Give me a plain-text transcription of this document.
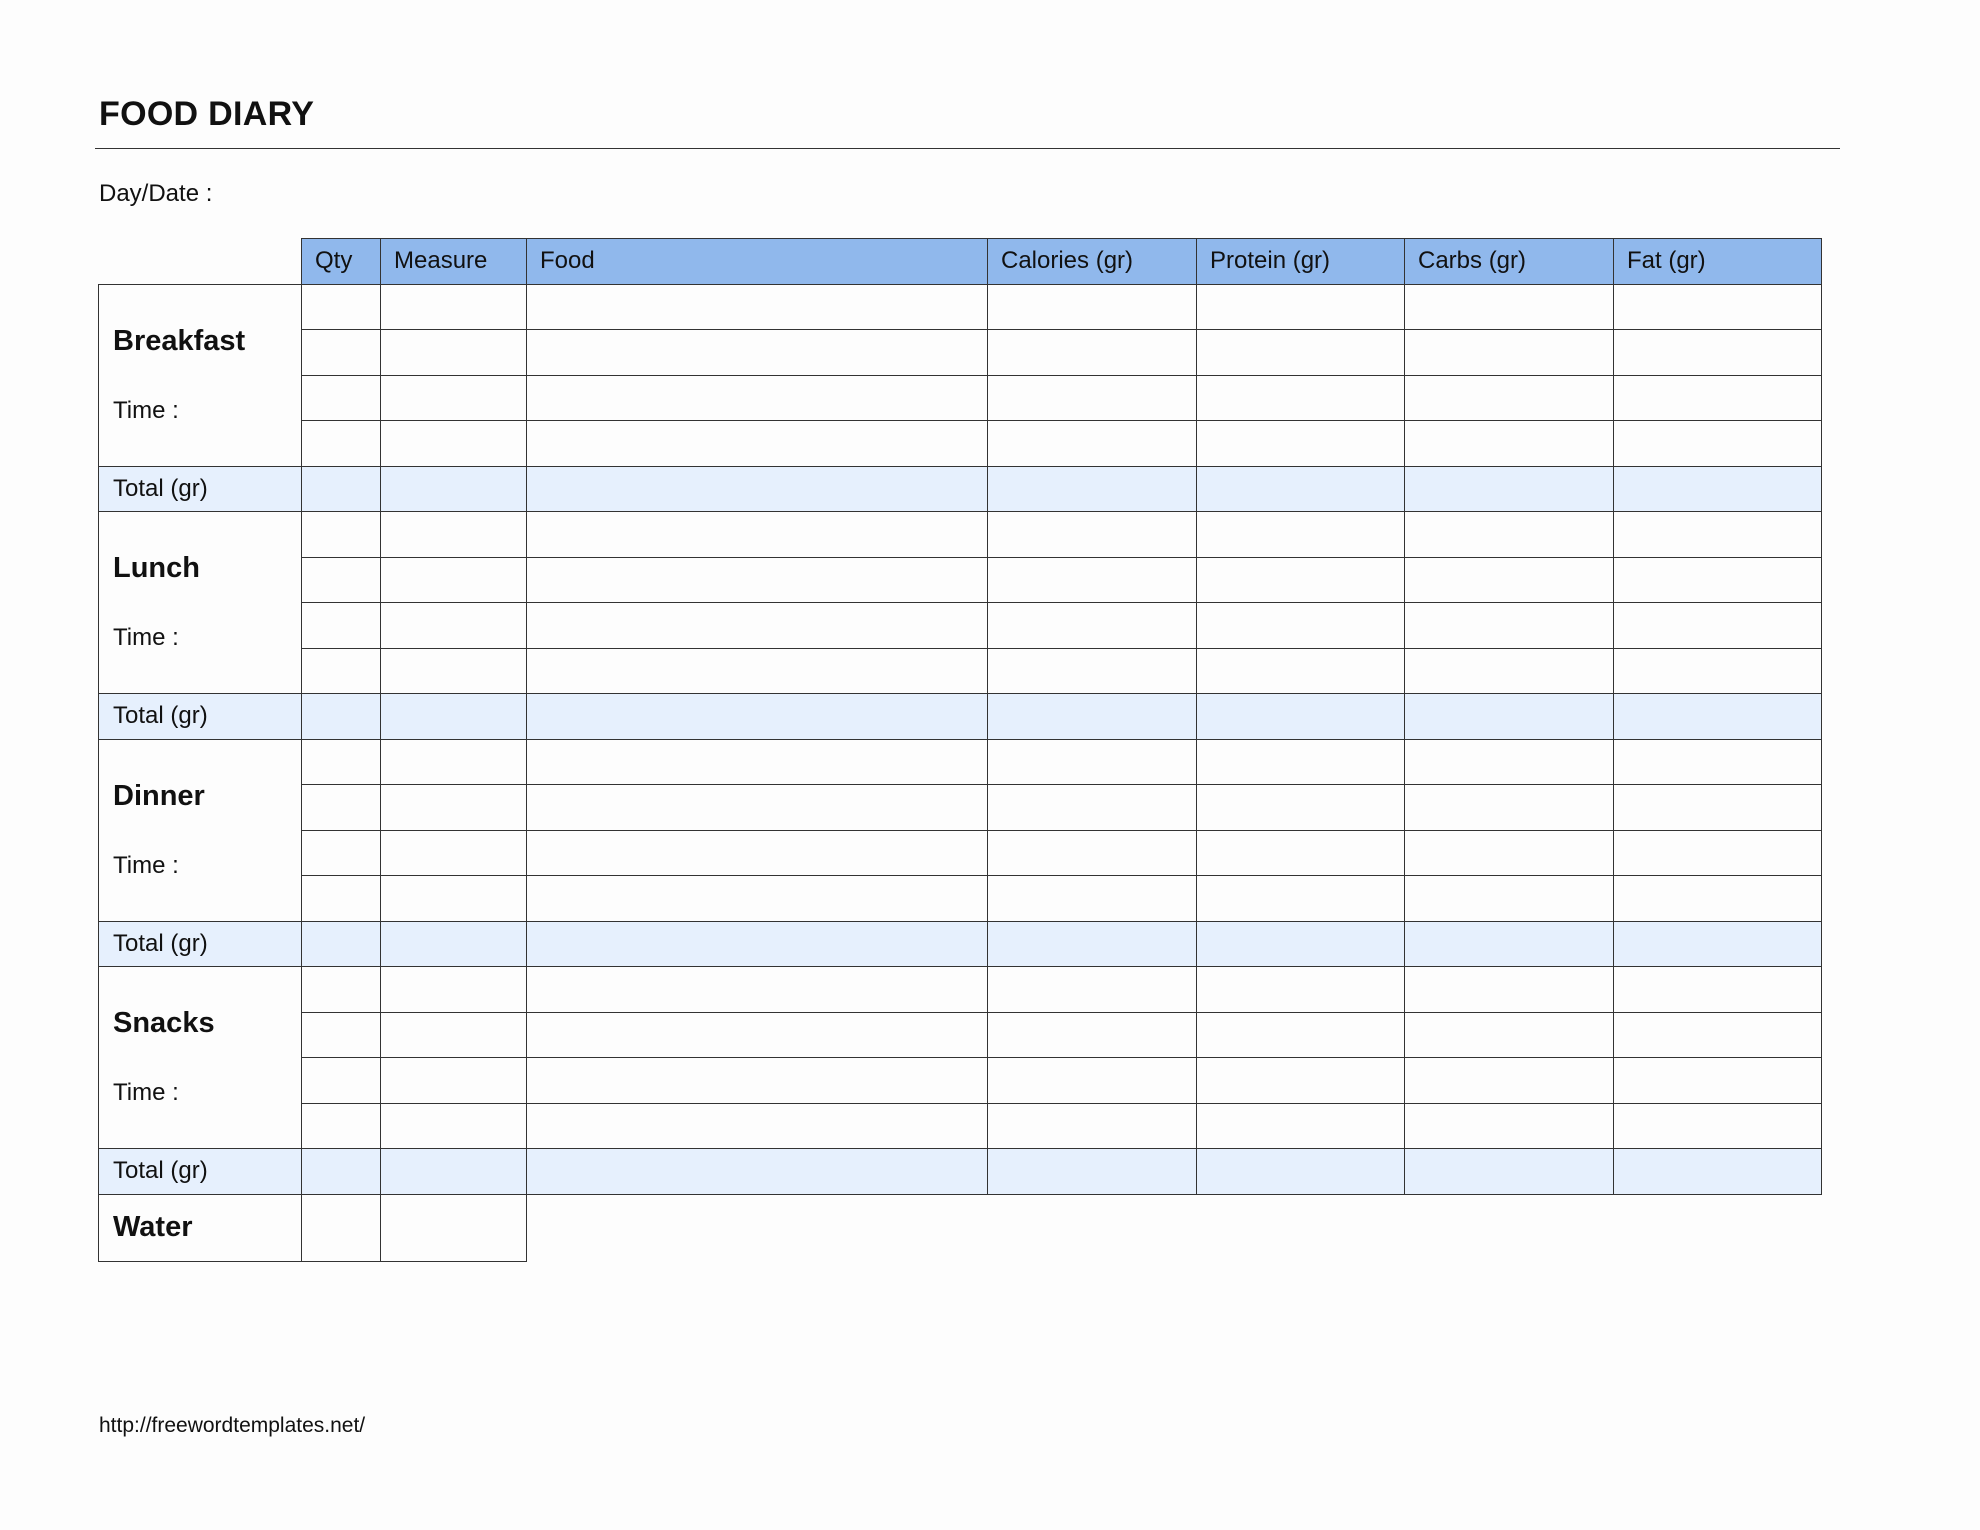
FOOD DIARY
Day/Date :
	Qty	Measure	Food	Calories (gr)	Protein (gr)	Carbs (gr)	Fat (gr)

Breakfast
Time :							

Total (gr)							

Lunch
Time :							

Total (gr)							

Dinner
Time :							

Total (gr)							

Snacks
Time :							

Total (gr)							
Water							
http://freewordtemplates.net/
